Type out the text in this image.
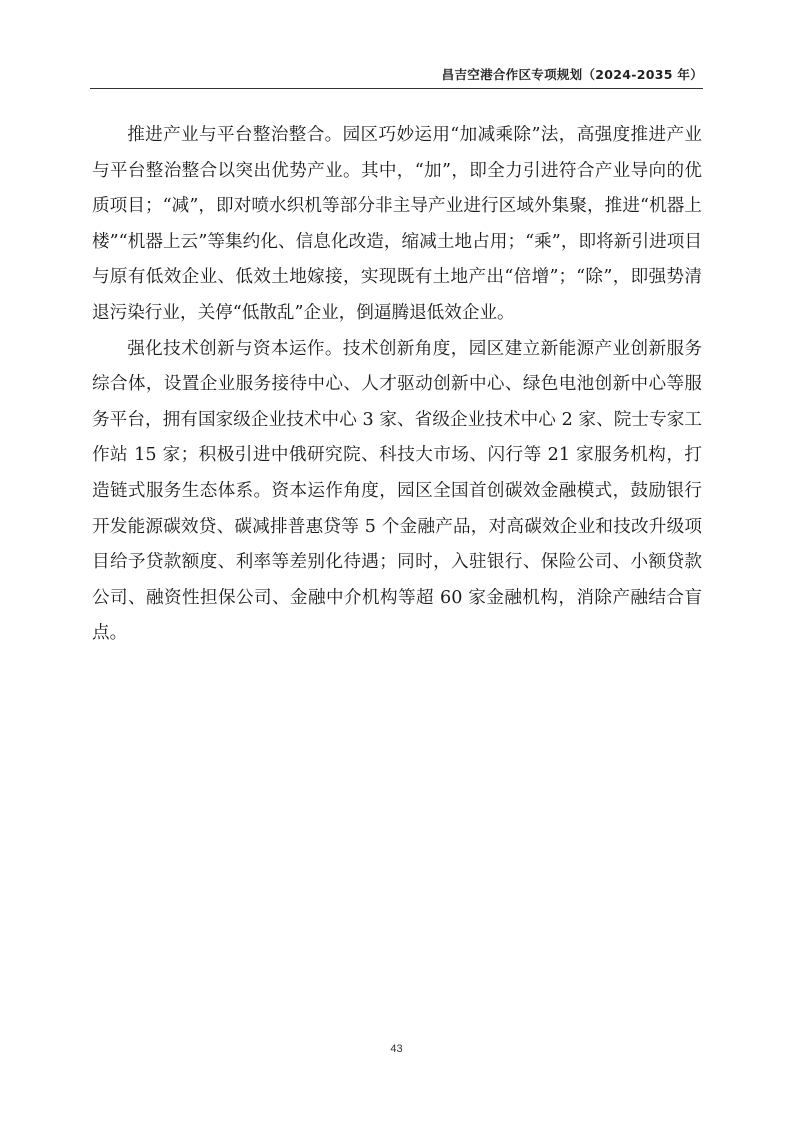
昌吉空港合作区专项规划（2024-2035 年）

推进产业与平台整治整合。园区巧妙运用“加减乘除”法，高强度推进产业与平台整治整合以突出优势产业。其中，“加”，即全力引进符合产业导向的优质项目；“减”，即对喷水织机等部分非主导产业进行区域外集聚，推进“机器上楼”“机器上云”等集约化、信息化改造，缩减土地占用；“乘”，即将新引进项目与原有低效企业、低效土地嫁接，实现既有土地产出“倍增”；“除”，即强势清退污染行业，关停“低散乱”企业，倒逼腾退低效企业。

强化技术创新与资本运作。技术创新角度，园区建立新能源产业创新服务综合体，设置企业服务接待中心、人才驱动创新中心、绿色电池创新中心等服务平台，拥有国家级企业技术中心 3 家、省级企业技术中心 2 家、院士专家工作站 15 家；积极引进中俄研究院、科技大市场、闪行等 21 家服务机构，打造链式服务生态体系。资本运作角度，园区全国首创碳效金融模式，鼓励银行开发能源碳效贷、碳减排普惠贷等 5 个金融产品，对高碳效企业和技改升级项目给予贷款额度、利率等差别化待遇；同时，入驻银行、保险公司、小额贷款公司、融资性担保公司、金融中介机构等超 60 家金融机构，消除产融结合盲点。

43
